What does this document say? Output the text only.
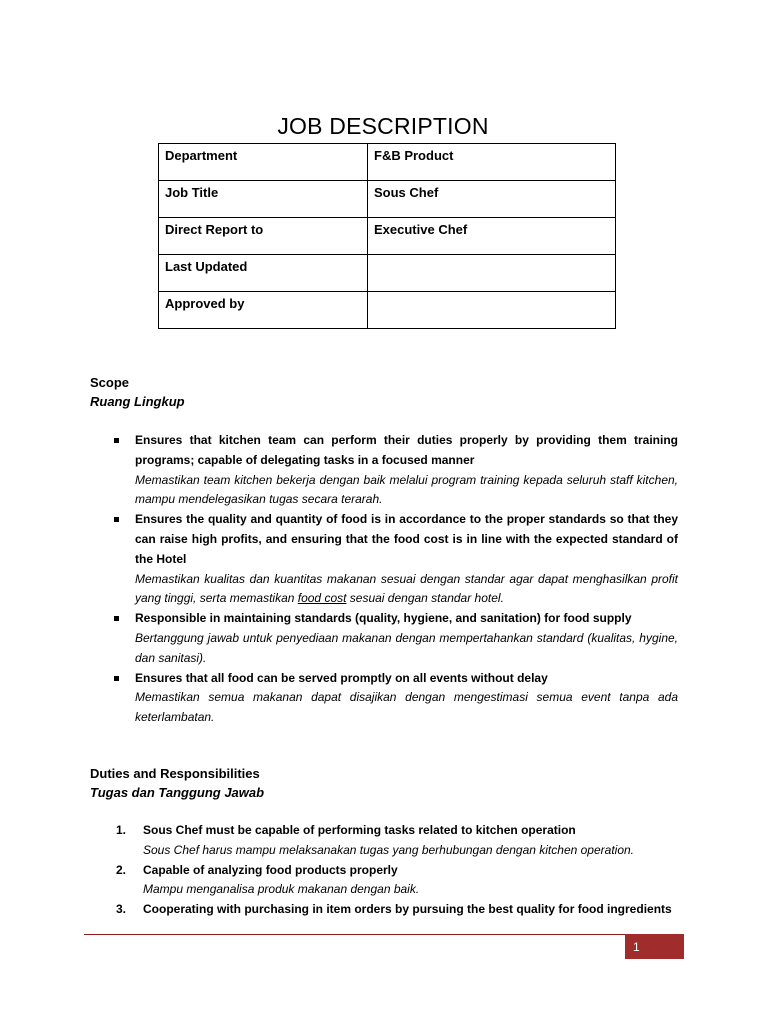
JOB DESCRIPTION
Department	F&B Product
Job Title	Sous Chef
Direct Report to	Executive Chef
Last Updated	
Approved by	
Scope
Ruang Lingkup
Ensures that kitchen team can perform their duties properly by providing them training programs; capable of delegating tasks in a focused manner
Memastikan team kitchen bekerja dengan baik melalui program training kepada seluruh staff kitchen, mampu mendelegasikan tugas secara terarah.
Ensures the quality and quantity of food is in accordance to the proper standards so that they can raise high profits, and ensuring that the food cost is in line with the expected standard of the Hotel
Memastikan kualitas dan kuantitas makanan sesuai dengan standar agar dapat menghasilkan profit yang tinggi, serta memastikan food cost sesuai dengan standar hotel.
Responsible in maintaining standards (quality, hygiene, and sanitation) for food supply
Bertanggung jawab untuk penyediaan makanan dengan mempertahankan standard (kualitas, hygine, dan sanitasi).
Ensures that all food can be served promptly on all events without delay
Memastikan semua makanan dapat disajikan dengan mengestimasi semua event tanpa ada keterlambatan.
Duties and Responsibilities
Tugas dan Tanggung Jawab
1. Sous Chef must be capable of performing tasks related to kitchen operation
Sous Chef harus mampu melaksanakan tugas yang berhubungan dengan kitchen operation.
2. Capable of analyzing food products properly
Mampu menganalisa produk makanan dengan baik.
3. Cooperating with purchasing in item orders by pursuing the best quality for food ingredients
1
